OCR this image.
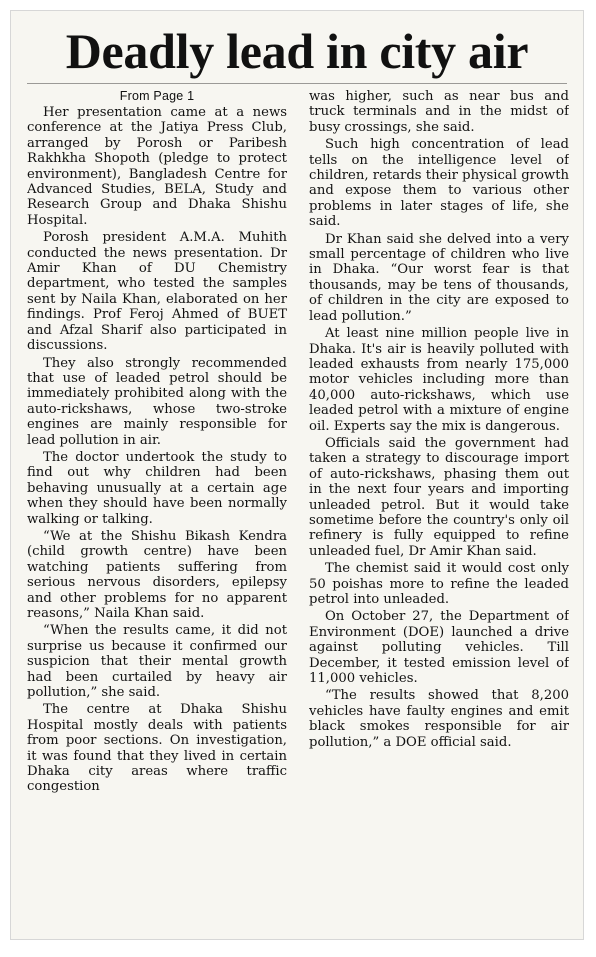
Deadly lead in city air
From Page 1

Her presentation came at a news conference at the Jatiya Press Club, arranged by Porosh or Paribesh Rakhkha Shopoth (pledge to protect environment), Bangladesh Centre for Advanced Studies, BELA, Study and Research Group and Dhaka Shishu Hospital.

Porosh president A.M.A. Muhith conducted the news presentation. Dr Amir Khan of DU Chemistry department, who tested the samples sent by Naila Khan, elaborated on her findings. Prof Feroj Ahmed of BUET and Afzal Sharif also participated in discussions.

They also strongly recommended that use of leaded petrol should be immediately prohibited along with the auto-rickshaws, whose two-stroke engines are mainly responsible for lead pollution in air.

The doctor undertook the study to find out why children had been behaving unusually at a certain age when they should have been normally walking or talking.

“We at the Shishu Bikash Kendra (child growth centre) have been watching patients suffering from serious nervous disorders, epilepsy and other problems for no apparent reasons,” Naila Khan said.

“When the results came, it did not surprise us because it confirmed our suspicion that their mental growth had been curtailed by heavy air pollution,” she said.

The centre at Dhaka Shishu Hospital mostly deals with patients from poor sections. On investigation, it was found that they lived in certain Dhaka city areas where traffic congestion

was higher, such as near bus and truck terminals and in the midst of busy crossings, she said.

Such high concentration of lead tells on the intelligence level of children, retards their physical growth and expose them to various other problems in later stages of life, she said.

Dr Khan said she delved into a very small percentage of children who live in Dhaka. “Our worst fear is that thousands, may be tens of thousands, of children in the city are exposed to lead pollution.”

At least nine million people live in Dhaka. It's air is heavily polluted with leaded exhausts from nearly 175,000 motor vehicles including more than 40,000 auto-rickshaws, which use leaded petrol with a mixture of engine oil. Experts say the mix is dangerous.

Officials said the government had taken a strategy to discourage import of auto-rickshaws, phasing them out in the next four years and importing unleaded petrol. But it would take sometime before the country's only oil refinery is fully equipped to refine unleaded fuel, Dr Amir Khan said.

The chemist said it would cost only 50 poishas more to refine the leaded petrol into unleaded.

On October 27, the Department of Environment (DOE) launched a drive against polluting vehicles. Till December, it tested emission level of 11,000 vehicles.

“The results showed that 8,200 vehicles have faulty engines and emit black smokes responsible for air pollution,” a DOE official said.
